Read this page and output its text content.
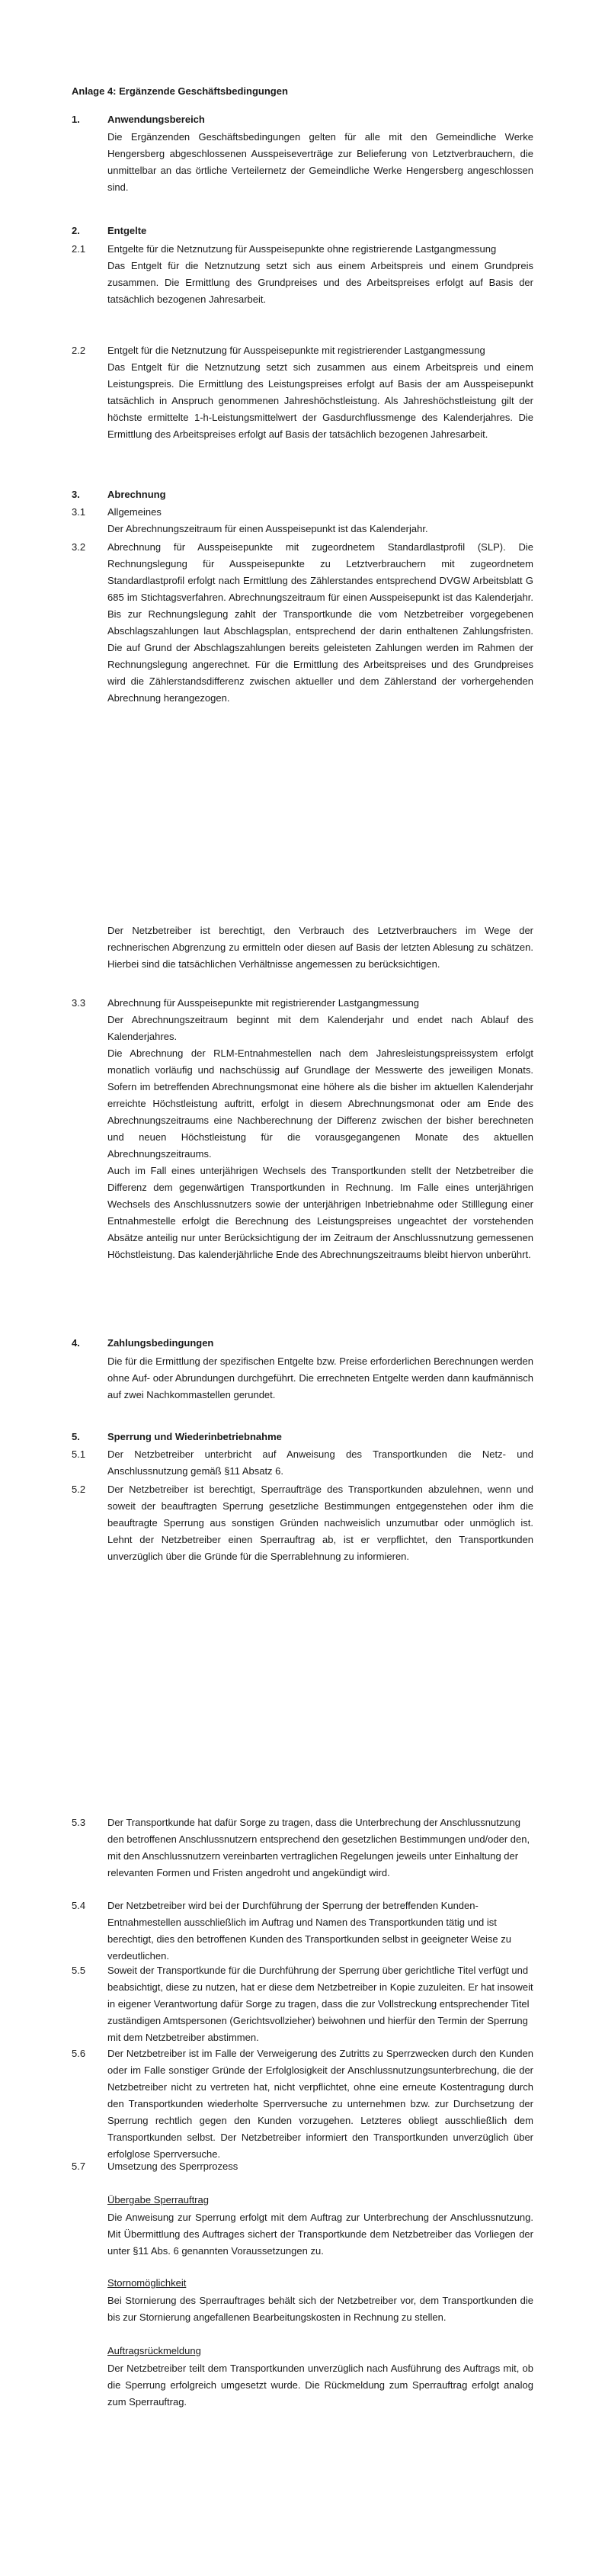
Anlage 4: Ergänzende Geschäftsbedingungen
1.	Anwendungsbereich

Die Ergänzenden Geschäftsbedingungen gelten für alle mit den Gemeindliche Werke Hengersberg abgeschlossenen Ausspeiseverträge zur Belieferung von Letztverbrauchern, die unmittelbar an das örtliche Verteilernetz der Gemeindliche Werke Hengersberg angeschlossen sind.

2.	Entgelte
2.1 Entgelte für die Netznutzung für Ausspeisepunkte ohne registrierende Lastgangmessung

Das Entgelt für die Netznutzung setzt sich aus einem Arbeitspreis und einem Grundpreis zusammen. Die Ermittlung des Grundpreises und des Arbeitspreises erfolgt auf Basis der tatsächlich bezogenen Jahresarbeit.

2.2 Entgelt für die Netznutzung für Ausspeisepunkte mit registrierender Lastgangmessung

Das Entgelt für die Netznutzung setzt sich zusammen aus einem Arbeitspreis und einem Leistungspreis. Die Ermittlung des Leistungspreises erfolgt auf Basis der am Ausspeisepunkt tatsächlich in Anspruch genommenen Jahreshöchstleistung. Als Jahreshöchstleistung gilt der höchste ermittelte 1-h-Leistungsmittelwert der Gasdurchflussmenge des Kalenderjahres. Die Ermittlung des Arbeitspreises erfolgt auf Basis der tatsächlich bezogenen Jahresarbeit.

3.	Abrechnung
3.1 Allgemeines

Der Abrechnungszeitraum für einen Ausspeisepunkt ist das Kalenderjahr.

3.2 Abrechnung für Ausspeisepunkte mit zugeordnetem Standardlastprofil (SLP). Die Rechnungslegung für Ausspeisepunkte zu Letztverbrauchern mit zugeordnetem Standardlastprofil erfolgt nach Ermittlung des Zählerstandes entsprechend DVGW Arbeitsblatt G 685 im Stichtagsverfahren. Abrechnungszeitraum für einen Ausspeisepunkt ist das Kalenderjahr. Bis zur Rechnungslegung zahlt der Transportkunde die vom Netzbetreiber vorgegebenen Abschlagszahlungen laut Abschlagsplan, entsprechend der darin enthaltenen Zahlungsfristen. Die auf Grund der Abschlagszahlungen bereits geleisteten Zahlungen werden im Rahmen der Rechnungslegung angerechnet. Für die Ermittlung des Arbeitspreises und des Grundpreises wird die Zählerstandsdifferenz zwischen aktueller und dem Zählerstand der vorhergehenden Abrechnung herangezogen.

Der Netzbetreiber ist berechtigt, den Verbrauch des Letztverbrauchers im Wege der rechnerischen Abgrenzung zu ermitteln oder diesen auf Basis der letzten Ablesung zu schätzen. Hierbei sind die tatsächlichen Verhältnisse angemessen zu berücksichtigen.

3.3 Abrechnung für Ausspeisepunkte mit registrierender Lastgangmessung

Der Abrechnungszeitraum beginnt mit dem Kalenderjahr und endet nach Ablauf des Kalenderjahres.

Die Abrechnung der RLM-Entnahmestellen nach dem Jahresleistungspreissystem erfolgt monatlich vorläufig und nachschüssig auf Grundlage der Messwerte des jeweiligen Monats. Sofern im betreffenden Abrechnungsmonat eine höhere als die bisher im aktuellen Kalenderjahr erreichte Höchstleistung auftritt, erfolgt in diesem Abrechnungsmonat oder am Ende des Abrechnungszeitraums eine Nachberechnung der Differenz zwischen der bisher berechneten und neuen Höchstleistung für die vorausgegangenen Monate des aktuellen Abrechnungszeitraums.

Auch im Fall eines unterjährigen Wechsels des Transportkunden stellt der Netzbetreiber die Differenz dem gegenwärtigen Transportkunden in Rechnung. Im Falle eines unterjährigen Wechsels des Anschlussnutzers sowie der unterjährigen Inbetriebnahme oder Stilllegung einer Entnahmestelle erfolgt die Berechnung des Leistungspreises ungeachtet der vorstehenden Absätze anteilig nur unter Berücksichtigung der im Zeitraum der Anschlussnutzung gemessenen Höchstleistung. Das kalenderjährliche Ende des Abrechnungszeitraums bleibt hiervon unberührt.

4.	Zahlungsbedingungen

Die für die Ermittlung der spezifischen Entgelte bzw. Preise erforderlichen Berechnungen werden ohne Auf- oder Abrundungen durchgeführt. Die errechneten Entgelte werden dann kaufmännisch auf zwei Nachkommastellen gerundet.

5.	Sperrung und Wiederinbetriebnahme
5.1 Der Netzbetreiber unterbricht auf Anweisung des Transportkunden die Netz- und Anschlussnutzung gemäß §11 Absatz 6.

5.2 Der Netzbetreiber ist berechtigt, Sperraufträge des Transportkunden abzulehnen, wenn und soweit der beauftragten Sperrung gesetzliche Bestimmungen entgegenstehen oder ihm die beauftragte Sperrung aus sonstigen Gründen nachweislich unzumutbar oder unmöglich ist. Lehnt der Netzbetreiber einen Sperrauftrag ab, ist er verpflichtet, den Transportkunden unverzüglich über die Gründe für die Sperrablehnung zu informieren.

5.3 Der Transportkunde hat dafür Sorge zu tragen, dass die Unterbrechung der Anschlussnutzung den betroffenen Anschlussnutzern entsprechend den gesetzlichen Bestimmungen und/oder den, mit den Anschlussnutzern vereinbarten vertraglichen Regelungen jeweils unter Einhaltung der relevanten Formen und Fristen angedroht und angekündigt wird.

5.4 Der Netzbetreiber wird bei der Durchführung der Sperrung der betreffenden Kunden-Entnahmestellen ausschließlich im Auftrag und Namen des Transportkunden tätig und ist berechtigt, dies den betroffenen Kunden des Transportkunden selbst in geeigneter Weise zu verdeutlichen.

5.5 Soweit der Transportkunde für die Durchführung der Sperrung über gerichtliche Titel verfügt und beabsichtigt, diese zu nutzen, hat er diese dem Netzbetreiber in Kopie zuzuleiten. Er hat insoweit in eigener Verantwortung dafür Sorge zu tragen, dass die zur Vollstreckung entsprechender Titel zuständigen Amtspersonen (Gerichtsvollzieher) beiwohnen und hierfür den Termin der Sperrung mit dem Netzbetreiber abstimmen.

5.6 Der Netzbetreiber ist im Falle der Verweigerung des Zutritts zu Sperrzwecken durch den Kunden oder im Falle sonstiger Gründe der Erfolglosigkeit der Anschlussnutzungsunterbrechung, die der Netzbetreiber nicht zu vertreten hat, nicht verpflichtet, ohne eine erneute Kostentragung durch den Transportkunden wiederholte Sperrversuche zu unternehmen bzw. zur Durchsetzung der Sperrung rechtlich gegen den Kunden vorzugehen. Letzteres obliegt ausschließlich dem Transportkunden selbst. Der Netzbetreiber informiert den Transportkunden unverzüglich über erfolglose Sperrversuche.

5.7 Umsetzung des Sperrprozess

Übergabe Sperrauftrag

Die Anweisung zur Sperrung erfolgt mit dem Auftrag zur Unterbrechung der Anschlussnutzung. Mit Übermittlung des Auftrages sichert der Transportkunde dem Netzbetreiber das Vorliegen der unter §11 Abs. 6 genannten Voraussetzungen zu.

Stornomöglichkeit

Bei Stornierung des Sperrauftrages behält sich der Netzbetreiber vor, dem Transportkunden die bis zur Stornierung angefallenen Bearbeitungskosten in Rechnung zu stellen.

Auftragsrückmeldung

Der Netzbetreiber teilt dem Transportkunden unverzüglich nach Ausführung des Auftrags mit, ob die Sperrung erfolgreich umgesetzt wurde. Die Rückmeldung zum Sperrauftrag erfolgt analog zum Sperrauftrag.
